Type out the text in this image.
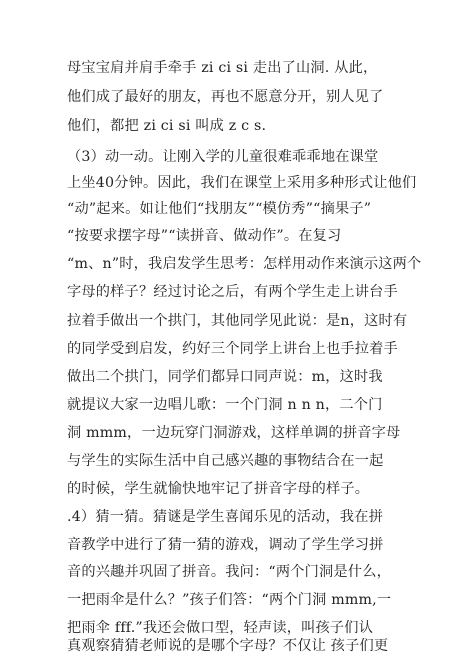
母宝宝肩并肩手牵手 zi ci si 走出了山洞. 从此，
他们成了最好的朋友，再也不愿意分开，别人见了
他们，都把 zi ci si 叫成 z c s.
（3）动一动。让刚入学的儿童很难乖乖地在课堂
上坐40分钟。因此，我们在课堂上采用多种形式让他们
“动”起来。如让他们“找朋友”“模仿秀”“摘果子”
“按要求摆字母”“读拼音、做动作”。在复习
“m、n”时，我启发学生思考：怎样用动作来演示这两个
字母的样子？经过讨论之后，有两个学生走上讲台手
拉着手做出一个拱门，其他同学见此说：是n，这时有
的同学受到启发，约好三个同学上讲台上也手拉着手
做出二个拱门，同学们都异口同声说：m，这时我
就提议大家一边唱儿歌：一个门洞 n n n，二个门
洞 mmm，一边玩穿门洞游戏，这样单调的拼音字母
与学生的实际生活中自己感兴趣的事物结合在一起
的时候，学生就愉快地牢记了拼音字母的样子。
.4）猜一猜。猜谜是学生喜闻乐见的活动，我在拼
音教学中进行了猜一猜的游戏，调动了学生学习拼
音的兴趣并巩固了拼音。我问：“两个门洞是什么，
一把雨伞是什么？”孩子们答：“两个门洞 mmm,一
把雨伞 fff.”我还会做口型，轻声读，叫孩子们认
真观察猜猜老师说的是哪个字母？不仅让 孩子们更
